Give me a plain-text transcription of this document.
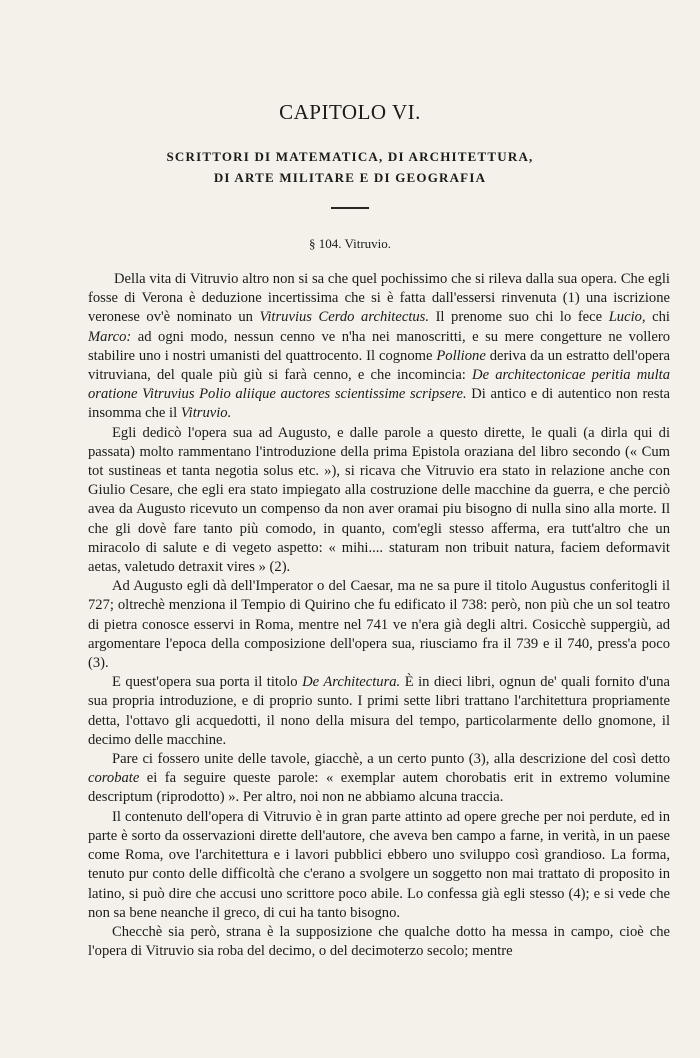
CAPITOLO VI.
SCRITTORI DI MATEMATICA, DI ARCHITETTURA,
DI ARTE MILITARE E DI GEOGRAFIA
§ 104. Vitruvio.

Della vita di Vitruvio altro non si sa che quel pochissimo che si rileva dalla sua opera. Che egli fosse di Verona è deduzione incertissima che si è fatta dall'essersi rinvenuta (1) una iscrizione veronese ov'è nominato un Vitruvius Cerdo architectus. Il prenome suo chi lo fece Lucio, chi Marco: ad ogni modo, nessun cenno ve n'ha nei manoscritti, e su mere congetture ne vollero stabilire uno i nostri umanisti del quattrocento. Il cognome Pollione deriva da un estratto dell'opera vitruviana, del quale più giù si farà cenno, e che incomincia: De architectonicae peritia multa oratione Vitruvius Polio aliique auctores scientissime scripsere. Di antico e di autentico non resta insomma che il Vitruvio.

Egli dedicò l'opera sua ad Augusto, e dalle parole a questo dirette, le quali (a dirla qui di passata) molto rammentano l'introduzione della prima Epistola oraziana del libro secondo (« Cum tot sustineas et tanta negotia solus etc. »), si ricava che Vitruvio era stato in relazione anche con Giulio Cesare, che egli era stato impiegato alla costruzione delle macchine da guerra, e che perciò avea da Augusto ricevuto un compenso da non aver oramai piu bisogno di nulla sino alla morte. Il che gli dovè fare tanto più comodo, in quanto, com'egli stesso afferma, era tutt'altro che un miracolo di salute e di vegeto aspetto: « mihi.... staturam non tribuit natura, faciem deformavit aetas, valetudo detraxit vires » (2).

Ad Augusto egli dà dell'Imperator o del Caesar, ma ne sa pure il titolo Augustus conferitogli il 727; oltrechè menziona il Tempio di Quirino che fu edificato il 738: però, non più che un sol teatro di pietra conosce esservi in Roma, mentre nel 741 ve n'era già degli altri. Cosicchè suppergiù, ad argomentare l'epoca della composizione dell'opera sua, riusciamo fra il 739 e il 740, press'a poco (3).

E quest'opera sua porta il titolo De Architectura. È in dieci libri, ognun de' quali fornito d'una sua propria introduzione, e di proprio sunto. I primi sette libri trattano l'architettura propriamente detta, l'ottavo gli acquedotti, il nono della misura del tempo, particolarmente dello gnomone, il decimo delle macchine.

Pare ci fossero unite delle tavole, giacchè, a un certo punto (3), alla descrizione del così detto corobate ei fa seguire queste parole: « exemplar autem chorobatis erit in extremo volumine descriptum (riprodotto) ». Per altro, noi non ne abbiamo alcuna traccia.

Il contenuto dell'opera di Vitruvio è in gran parte attinto ad opere greche per noi perdute, ed in parte è sorto da osservazioni dirette dell'autore, che aveva ben campo a farne, in verità, in un paese come Roma, ove l'architettura e i lavori pubblici ebbero uno sviluppo così grandioso. La forma, tenuto pur conto delle difficoltà che c'erano a svolgere un soggetto non mai trattato di proposito in latino, si può dire che accusi uno scrittore poco abile. Lo confessa già egli stesso (4); e si vede che non sa bene neanche il greco, di cui ha tanto bisogno.

Checchè sia però, strana è la supposizione che qualche dotto ha messa in campo, cioè che l'opera di Vitruvio sia roba del decimo, o del decimoterzo secolo; mentre
